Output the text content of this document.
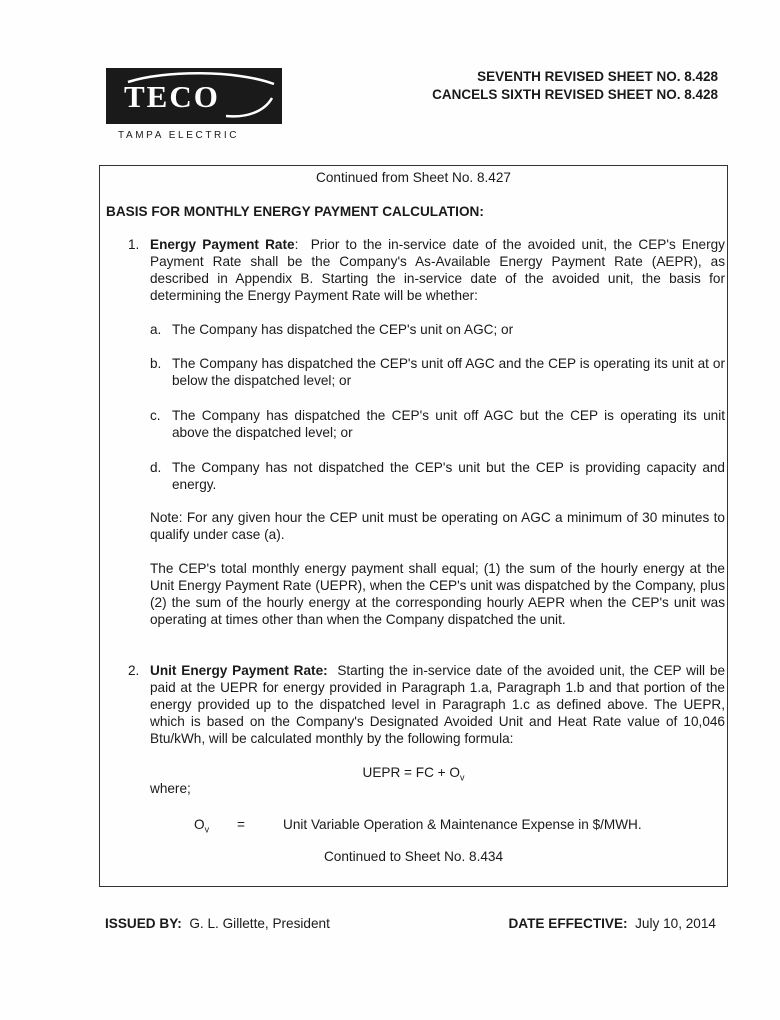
TECO
TAMPA ELECTRIC
SEVENTH REVISED SHEET NO. 8.428
CANCELS SIXTH REVISED SHEET NO. 8.428
Continued from Sheet No. 8.427
BASIS FOR MONTHLY ENERGY PAYMENT CALCULATION:
1. Energy Payment Rate:  Prior to the in-service date of the avoided unit, the CEP's Energy Payment Rate shall be the Company's As-Available Energy Payment Rate (AEPR), as described in Appendix B. Starting the in-service date of the avoided unit, the basis for determining the Energy Payment Rate will be whether:
a. The Company has dispatched the CEP's unit on AGC; or
b. The Company has dispatched the CEP's unit off AGC and the CEP is operating its unit at or below the dispatched level; or
c. The Company has dispatched the CEP's unit off AGC but the CEP is operating its unit above the dispatched level; or
d. The Company has not dispatched the CEP's unit but the CEP is providing capacity and energy.
Note: For any given hour the CEP unit must be operating on AGC a minimum of 30 minutes to qualify under case (a).
The CEP's total monthly energy payment shall equal; (1) the sum of the hourly energy at the Unit Energy Payment Rate (UEPR), when the CEP's unit was dispatched by the Company, plus (2) the sum of the hourly energy at the corresponding hourly AEPR when the CEP's unit was operating at times other than when the Company dispatched the unit.
2. Unit Energy Payment Rate: Starting the in-service date of the avoided unit, the CEP will be paid at the UEPR for energy provided in Paragraph 1.a, Paragraph 1.b and that portion of the energy provided up to the dispatched level in Paragraph 1.c as defined above. The UEPR, which is based on the Company's Designated Avoided Unit and Heat Rate value of 10,046 Btu/kWh, will be calculated monthly by the following formula:
UEPR = FC + $O_v$
where;
$O_v$ =	Unit Variable Operation & Maintenance Expense in $/MWH.
Continued to Sheet No. 8.434
ISSUED BY: G. L. Gillette, President	DATE EFFECTIVE: July 10, 2014
